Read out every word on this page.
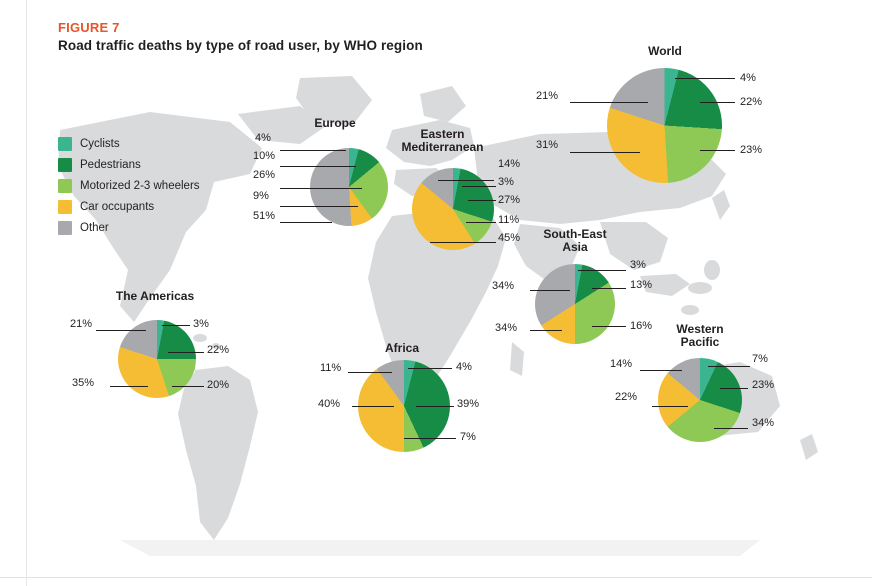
FIGURE 7
Road traffic deaths by type of road user, by WHO region
Cyclists
Pedestrians
Motorized 2-3 wheelers
Car occupants
Other
World
4%
22%
23%
31%
21%
Europe
4%
10%
26%
9%
51%
Eastern
Mediterranean
14%
3%
27%
11%
45%	South-East
Asia
3%
13%
16%
34%
34%
The Americas
21%	3%
22%
20%
35%
Africa
11%	4%
39%
7%
40%
Western
Pacific
14%	7%
23%
34%
22%
